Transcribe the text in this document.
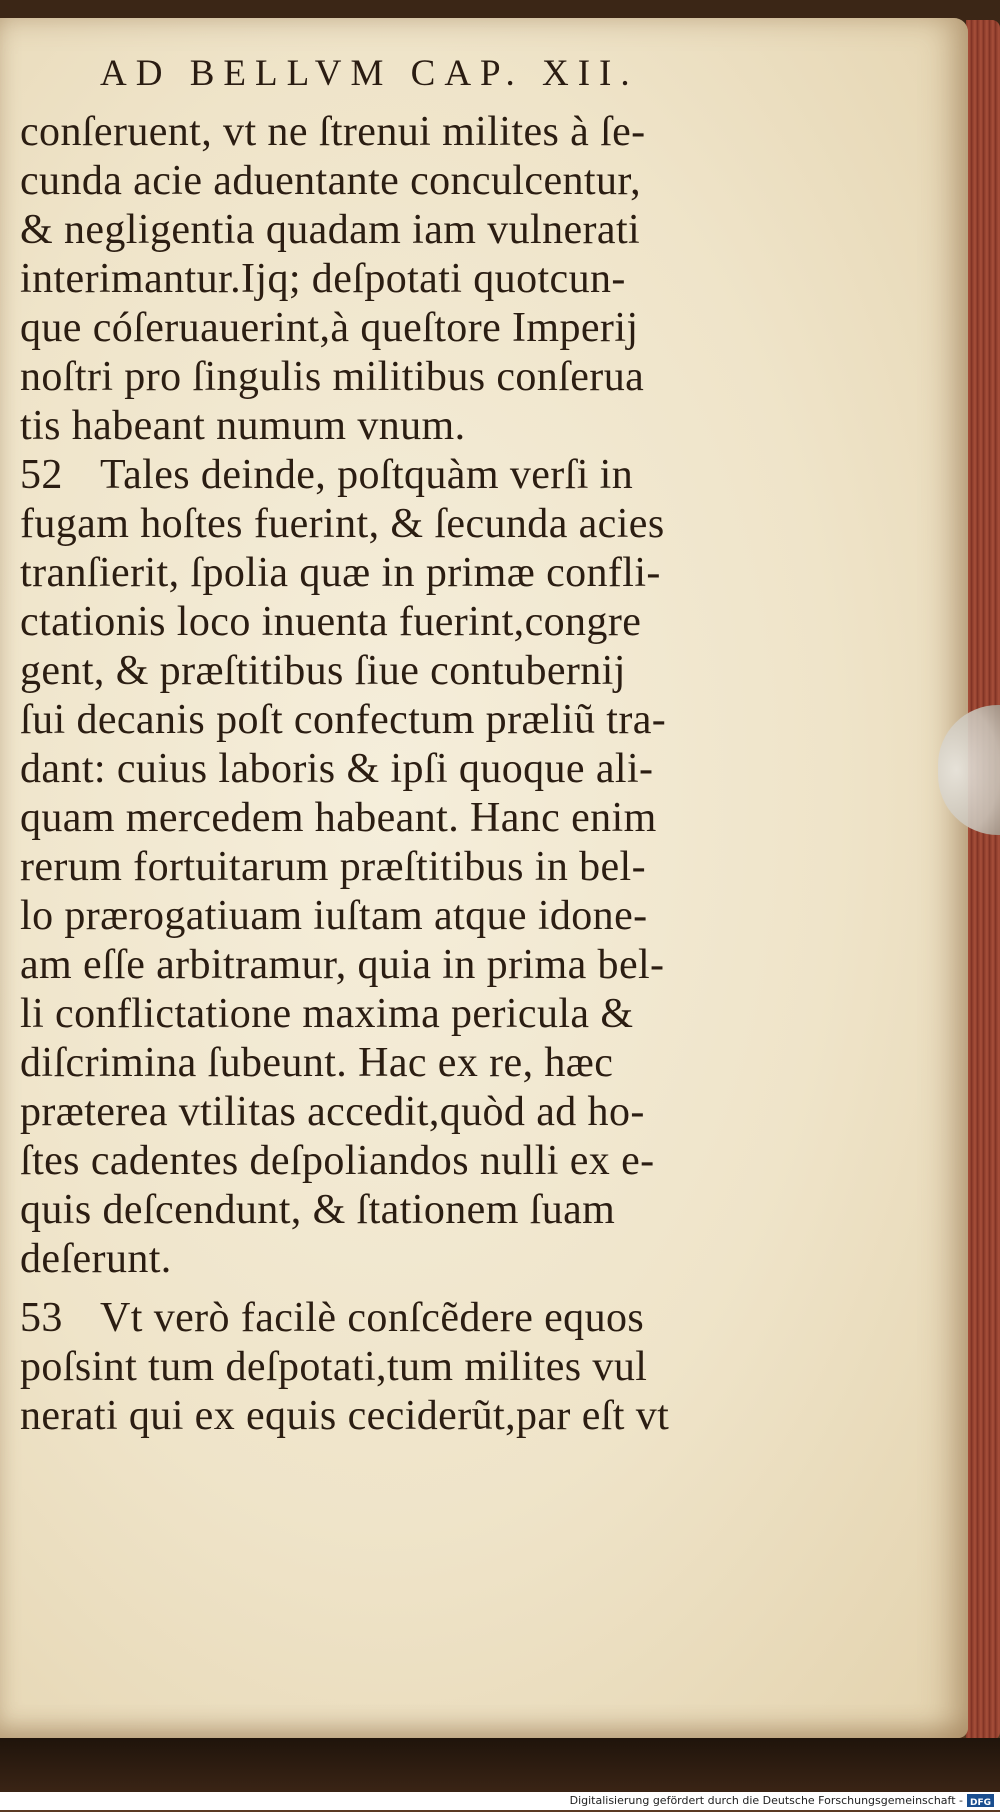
AD BELLVM CAP. XII.
conſeruent, vt ne ſtrenui milites à ſe-
cunda acie aduentante conculcentur,
& negligentia quadam iam vulnerati
interimantur.Ijq; deſpotati quotcun-
que cóſeruauerint,à queſtore Imperij
noſtri pro ſingulis militibus conſerua
tis habeant numum vnum.
52 Tales deinde, poſtquàm verſi in
fugam hoſtes fuerint, & ſecunda acies
tranſierit, ſpolia quæ in primæ confli-
ctationis loco inuenta fuerint,congre
gent, & præſtitibus ſiue contubernij
ſui decanis poſt confectum præliũ tra-
dant: cuius laboris & ipſi quoque ali-
quam mercedem habeant. Hanc enim
rerum fortuitarum præſtitibus in bel-
lo prærogatiuam iuſtam atque idone-
am eſſe arbitramur, quia in prima bel-
li conflictatione maxima pericula &
diſcrimina ſubeunt. Hac ex re, hæc
præterea vtilitas accedit,quòd ad ho-
ſtes cadentes deſpoliandos nulli ex e-
quis deſcendunt, & ſtationem ſuam
deſerunt.
53 Vt verò facilè conſcẽdere equos
poſsint tum deſpotati,tum milites vul
nerati qui ex equis ceciderũt,par eſt vt
Digitalisierung gefördert durch die Deutsche Forschungsgemeinschaft - DFG
